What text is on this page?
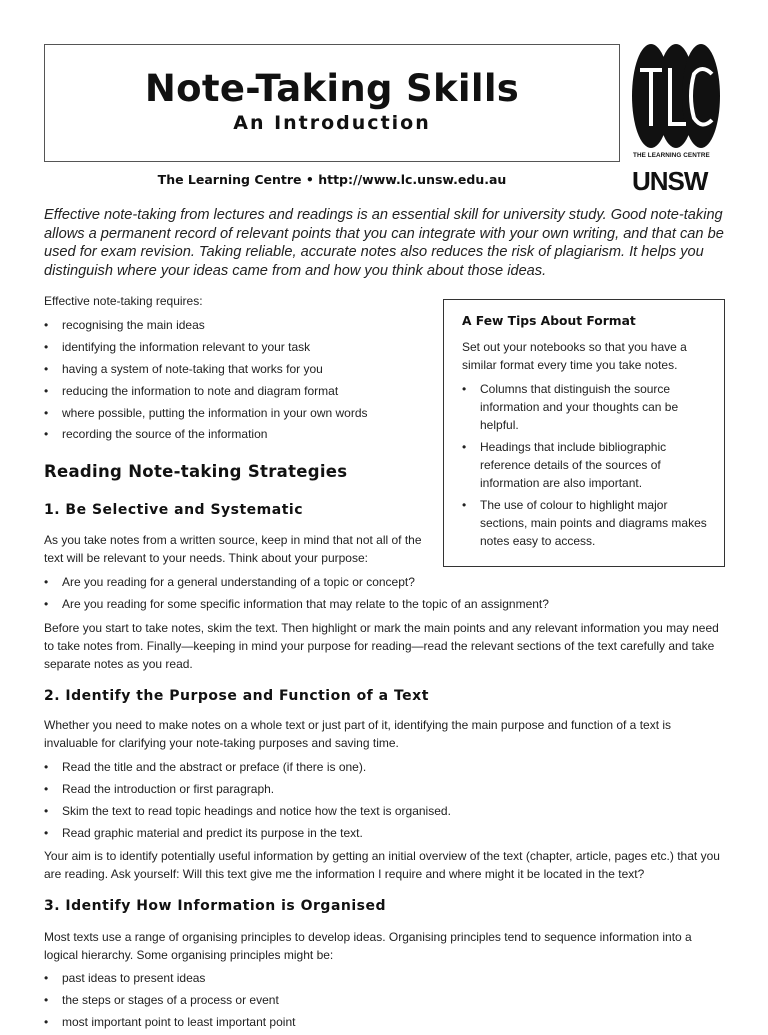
Note-Taking Skills
An Introduction
THE LEARNING CENTRE
UNSW
The Learning Centre • http://www.lc.unsw.edu.au

Effective note-taking from lectures and readings is an essential skill for university study. Good note-taking allows a permanent record of relevant points that you can integrate with your own writing, and that can be used for exam revision. Taking reliable, accurate notes also reduces the risk of plagiarism. It helps you distinguish where your ideas came from and how you think about those ideas.

Effective note-taking requires:

• recognising the main ideas
• identifying the information relevant to your task
• having a system of note-taking that works for you
• reducing the information to note and diagram format
• where possible, putting the information in your own words
• recording the source of the information

A Few Tips About Format

Set out your notebooks so that you have a similar format every time you take notes.

• Columns that distinguish the source information and your thoughts can be helpful.
• Headings that include bibliographic reference details of the sources of information are also important.
• The use of colour to highlight major sections, main points and diagrams makes notes easy to access.
Reading Note-taking Strategies
1. Be Selective and Systematic

As you take notes from a written source, keep in mind that not all of the text will be relevant to your needs. Think about your purpose:

• Are you reading for a general understanding of a topic or concept?
• Are you reading for some specific information that may relate to the topic of an assignment?

Before you start to take notes, skim the text. Then highlight or mark the main points and any relevant information you may need to take notes from. Finally—keeping in mind your purpose for reading—read the relevant sections of the text carefully and take separate notes as you read.

2. Identify the Purpose and Function of a Text

Whether you need to make notes on a whole text or just part of it, identifying the main purpose and function of a text is invaluable for clarifying your note-taking purposes and saving time.

• Read the title and the abstract or preface (if there is one).
• Read the introduction or first paragraph.
• Skim the text to read topic headings and notice how the text is organised.
• Read graphic material and predict its purpose in the text.

Your aim is to identify potentially useful information by getting an initial overview of the text (chapter, article, pages etc.) that you are reading. Ask yourself: Will this text give me the information I require and where might it be located in the text?

3. Identify How Information is Organised

Most texts use a range of organising principles to develop ideas. Organising principles tend to sequence information into a logical hierarchy. Some organising principles might be:

• past ideas to present ideas
• the steps or stages of a process or event
• most important point to least important point
